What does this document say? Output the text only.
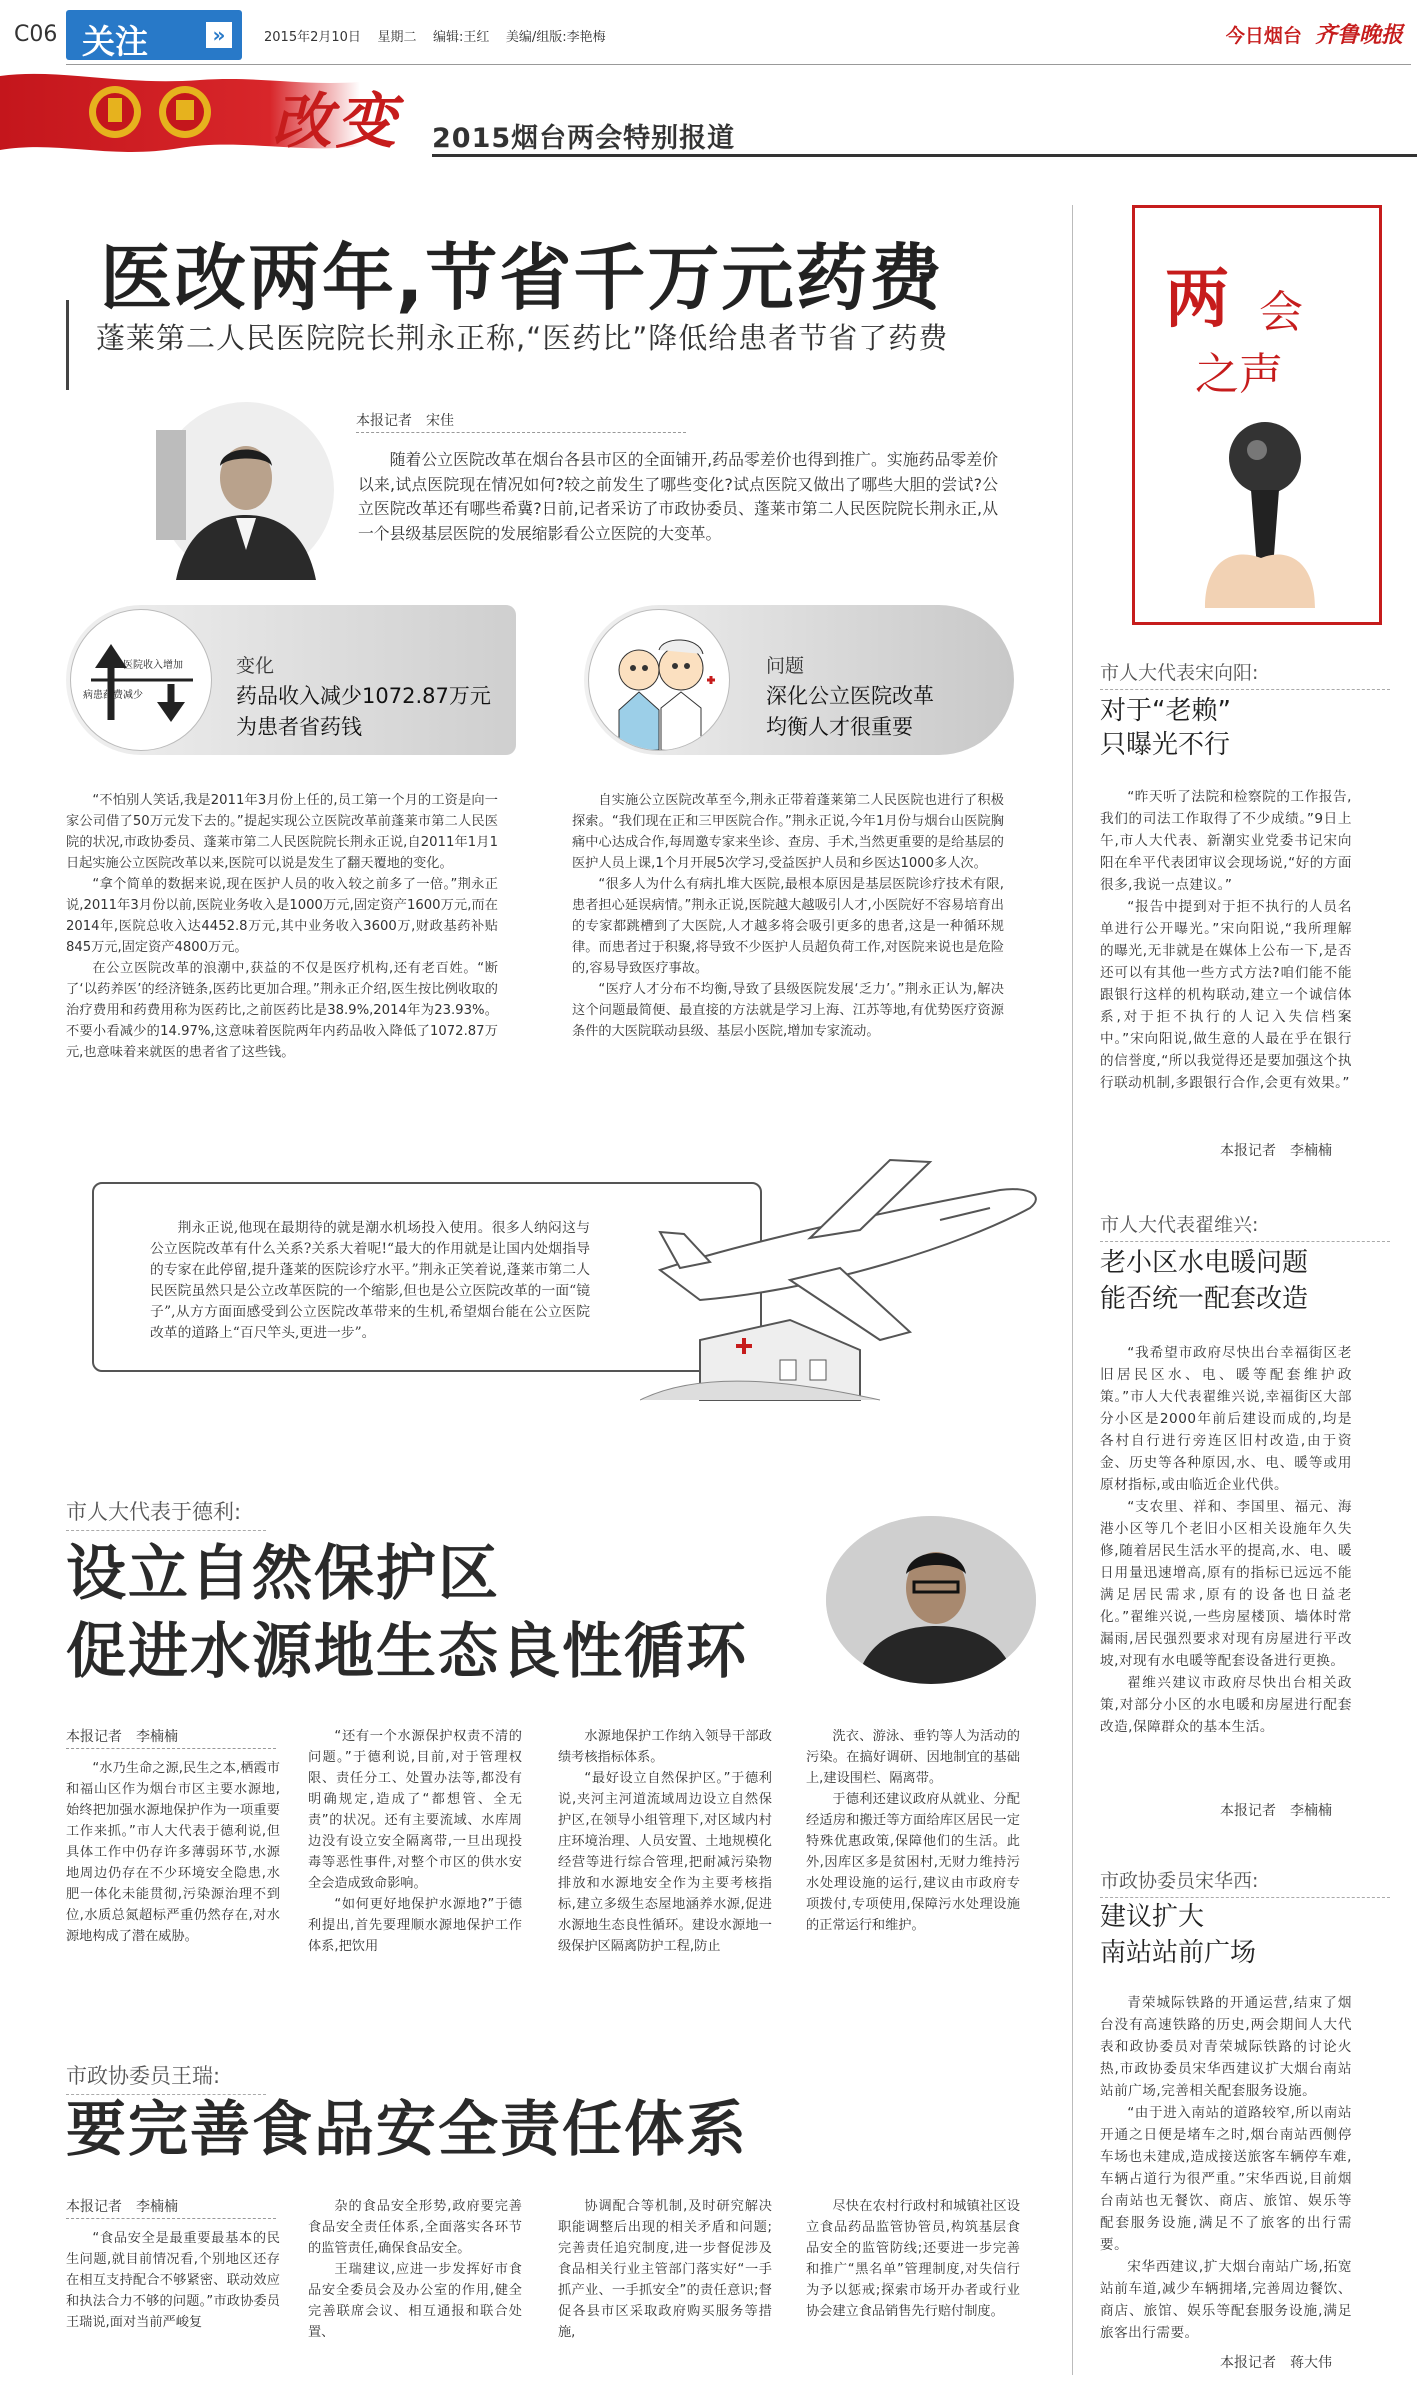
C06 关注	»	2015年2月10日 星期二 编辑:王红 美编/组版:李艳梅	今日烟台 齐鲁晚报
改变 2015烟台两会特别报道
医改两年,节省千万元药费
蓬莱第二人民医院院长荆永正称,“医药比”降低给患者节省了药费
本报记者　宋佳
随着公立医院改革在烟台各县市区的全面铺开,药品零差价也得到推广。实施药品零差价以来,试点医院现在情况如何?较之前发生了哪些变化?试点医院又做出了哪些大胆的尝试?公立医院改革还有哪些希冀?日前,记者采访了市政协委员、蓬莱市第二人民医院院长荆永正,从一个县级基层医院的发展缩影看公立医院的大变革。
医院收入增加
病患药费减少
变化
药品收入减少1072.87万元
为患者省药钱
问题
深化公立医院改革
均衡人才很重要

“不怕别人笑话,我是2011年3月份上任的,员工第一个月的工资是向一家公司借了50万元发下去的。”提起实现公立医院改革前蓬莱市第二人民医院的状况,市政协委员、蓬莱市第二人民医院院长荆永正说,自2011年1月1日起实施公立医院改革以来,医院可以说是发生了翻天覆地的变化。

“拿个简单的数据来说,现在医护人员的收入较之前多了一倍。”荆永正说,2011年3月份以前,医院业务收入是1000万元,固定资产1600万元,而在2014年,医院总收入达4452.8万元,其中业务收入3600万,财政基药补贴845万元,固定资产4800万元。

在公立医院改革的浪潮中,获益的不仅是医疗机构,还有老百姓。“断了‘以药养医’的经济链条,医药比更加合理。”荆永正介绍,医生按比例收取的治疗费用和药费用称为医药比,之前医药比是38.9%,2014年为23.93%。不要小看减少的14.97%,这意味着医院两年内药品收入降低了1072.87万元,也意味着来就医的患者省了这些钱。

自实施公立医院改革至今,荆永正带着蓬莱第二人民医院也进行了积极探索。“我们现在正和三甲医院合作。”荆永正说,今年1月份与烟台山医院胸痛中心达成合作,每周邀专家来坐诊、查房、手术,当然更重要的是给基层的医护人员上课,1个月开展5次学习,受益医护人员和乡医达1000多人次。

“很多人为什么有病扎堆大医院,最根本原因是基层医院诊疗技术有限,患者担心延误病情。”荆永正说,医院越大越吸引人才,小医院好不容易培育出的专家都跳槽到了大医院,人才越多将会吸引更多的患者,这是一种循环规律。而患者过于积聚,将导致不少医护人员超负荷工作,对医院来说也是危险的,容易导致医疗事故。

“医疗人才分布不均衡,导致了县级医院发展‘乏力’。”荆永正认为,解决这个问题最简便、最直接的方法就是学习上海、江苏等地,有优势医疗资源条件的大医院联动县级、基层小医院,增加专家流动。

荆永正说,他现在最期待的就是潮水机场投入使用。很多人纳闷这与公立医院改革有什么关系?关系大着呢!“最大的作用就是让国内处烟指导的专家在此停留,提升蓬莱的医院诊疗水平。”荆永正笑着说,蓬莱市第二人民医院虽然只是公立改革医院的一个缩影,但也是公立医院改革的一面“镜子”,从方方面面感受到公立医院改革带来的生机,希望烟台能在公立医院改革的道路上“百尺竿头,更进一步”。
两 会
之声
市人大代表宋向阳:
对于“老赖”
只曝光不行

“昨天听了法院和检察院的工作报告,我们的司法工作取得了不少成绩。”9日上午,市人大代表、新潮实业党委书记宋向阳在牟平代表团审议会现场说,“好的方面很多,我说一点建议。”

“报告中提到对于拒不执行的人员名单进行公开曝光。”宋向阳说,“我所理解的曝光,无非就是在媒体上公布一下,是否还可以有其他一些方式方法?咱们能不能跟银行这样的机构联动,建立一个诚信体系,对于拒不执行的人记入失信档案中。”宋向阳说,做生意的人最在乎在银行的信誉度,“所以我觉得还是要加强这个执行联动机制,多跟银行合作,会更有效果。”

本报记者　李楠楠
市人大代表翟维兴:
老小区水电暖问题
能否统一配套改造

“我希望市政府尽快出台幸福街区老旧居民区水、电、暖等配套维护政策。”市人大代表翟维兴说,幸福街区大部分小区是2000年前后建设而成的,均是各村自行进行旁连区旧村改造,由于资金、历史等各种原因,水、电、暖等或用原材指标,或由临近企业代供。

“支农里、祥和、李国里、福元、海港小区等几个老旧小区相关设施年久失修,随着居民生活水平的提高,水、电、暖日用量迅速增高,原有的指标已远远不能满足居民需求,原有的设备也日益老化。”翟维兴说,一些房屋楼顶、墙体时常漏雨,居民强烈要求对现有房屋进行平改坡,对现有水电暖等配套设备进行更换。

翟维兴建议市政府尽快出台相关政策,对部分小区的水电暖和房屋进行配套改造,保障群众的基本生活。

本报记者　李楠楠
市政协委员宋华西:
建议扩大
南站站前广场

青荣城际铁路的开通运营,结束了烟台没有高速铁路的历史,两会期间人大代表和政协委员对青荣城际铁路的讨论火热,市政协委员宋华西建议扩大烟台南站站前广场,完善相关配套服务设施。

“由于进入南站的道路较窄,所以南站开通之日便是堵车之时,烟台南站西侧停车场也未建成,造成接送旅客车辆停车难,车辆占道行为很严重。”宋华西说,目前烟台南站也无餐饮、商店、旅馆、娱乐等配套服务设施,满足不了旅客的出行需要。

宋华西建议,扩大烟台南站广场,拓宽站前车道,减少车辆拥堵,完善周边餐饮、商店、旅馆、娱乐等配套服务设施,满足旅客出行需要。

本报记者　蒋大伟
市人大代表于德利:
设立自然保护区
促进水源地生态良性循环
本报记者　李楠楠

“水乃生命之源,民生之本,栖霞市和福山区作为烟台市区主要水源地,始终把加强水源地保护作为一项重要工作来抓。”市人大代表于德利说,但具体工作中仍存许多薄弱环节,水源地周边仍存在不少环境安全隐患,水肥一体化未能贯彻,污染源治理不到位,水质总氮超标严重仍然存在,对水源地构成了潜在威胁。

“还有一个水源保护权责不清的问题。”于德利说,目前,对于管理权限、责任分工、处置办法等,都没有明确规定,造成了“都想管、全无责”的状况。还有主要流域、水库周边没有设立安全隔离带,一旦出现投毒等恶性事件,对整个市区的供水安全会造成致命影响。

“如何更好地保护水源地?”于德利提出,首先要理顺水源地保护工作体系,把饮用

水源地保护工作纳入领导干部政绩考核指标体系。

“最好设立自然保护区。”于德利说,夹河主河道流域周边设立自然保护区,在领导小组管理下,对区域内村庄环境治理、人员安置、土地规模化经营等进行综合管理,把耐减污染物排放和水源地安全作为主要考核指标,建立多级生态屋地涵养水源,促进水源地生态良性循环。建设水源地一级保护区隔离防护工程,防止

洗衣、游泳、垂钓等人为活动的污染。在搞好调研、因地制宜的基础上,建设围栏、隔离带。

于德利还建议政府从就业、分配经适房和搬迁等方面给库区居民一定特殊优惠政策,保障他们的生活。此外,因库区多是贫困村,无财力维持污水处理设施的运行,建议由市政府专项拨付,专项使用,保障污水处理设施的正常运行和维护。

市政协委员王瑞:
要完善食品安全责任体系
本报记者　李楠楠

“食品安全是最重要最基本的民生问题,就目前情况看,个别地区还存在相互支持配合不够紧密、联动效应和执法合力不够的问题。”市政协委员王瑞说,面对当前严峻复

杂的食品安全形势,政府要完善食品安全责任体系,全面落实各环节的监管责任,确保食品安全。

王瑞建议,应进一步发挥好市食品安全委员会及办公室的作用,健全完善联席会议、相互通报和联合处置、

协调配合等机制,及时研究解决职能调整后出现的相关矛盾和问题;完善责任追究制度,进一步督促涉及食品相关行业主管部门落实好“一手抓产业、一手抓安全”的责任意识;督促各县市区采取政府购买服务等措施,

尽快在农村行政村和城镇社区设立食品药品监管协管员,构筑基层食品安全的监管防线;还要进一步完善和推广“黑名单”管理制度,对失信行为予以惩戒;探索市场开办者或行业协会建立食品销售先行赔付制度。
